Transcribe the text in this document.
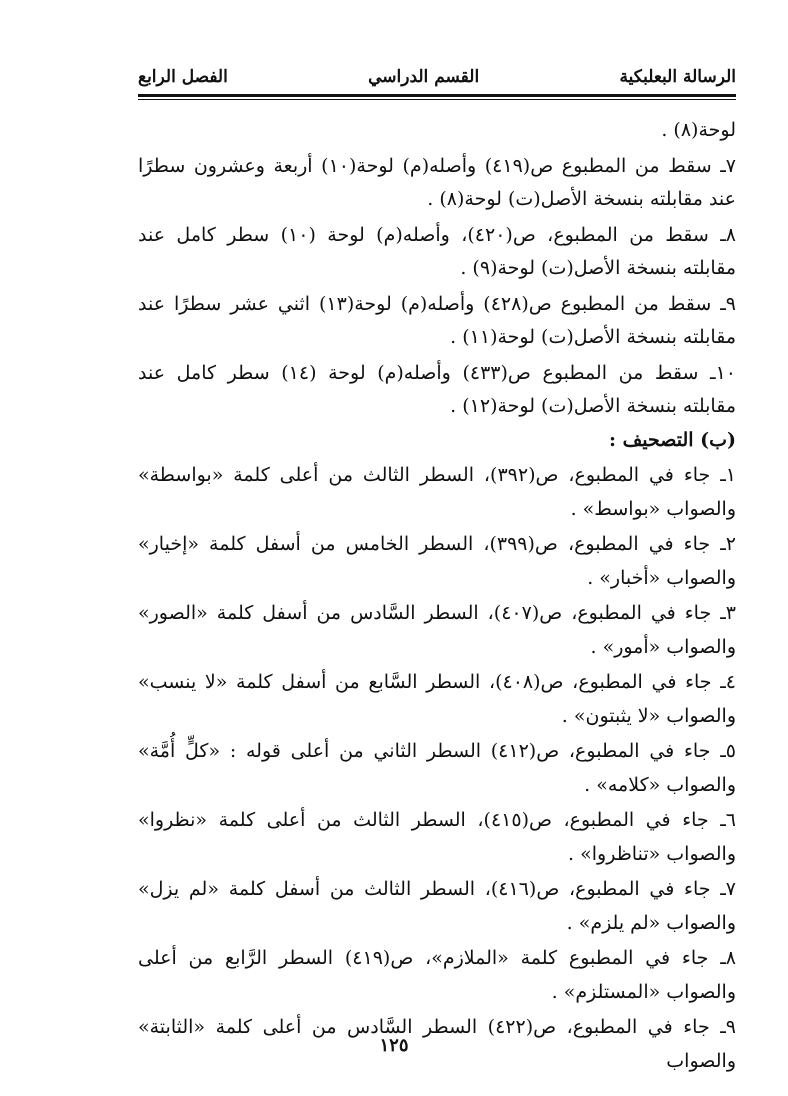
الرسالة البعلبكية
القسم الدراسي
الفصل الرابع

لوحة(٨) .

٧ـ سقط من المطبوع ص(٤١٩) وأصله(م) لوحة(١٠) أربعة وعشرون سطرًا عند مقابلته بنسخة الأصل(ت) لوحة(٨) .

٨ـ سقط من المطبوع، ص(٤٢٠)، وأصله(م) لوحة (١٠) سطر كامل عند مقابلته بنسخة الأصل(ت) لوحة(٩) .

٩ـ سقط من المطبوع ص(٤٢٨) وأصله(م) لوحة(١٣) اثني عشر سطرًا عند مقابلته بنسخة الأصل(ت) لوحة(١١) .

١٠ـ سقط من المطبوع ص(٤٣٣) وأصله(م) لوحة (١٤) سطر كامل عند مقابلته بنسخة الأصل(ت) لوحة(١٢) .

(ب) التصحيف :

١ـ جاء في المطبوع، ص(٣٩٢)، السطر الثالث من أعلى كلمة «بواسطة» والصواب «بواسط» .

٢ـ جاء في المطبوع، ص(٣٩٩)، السطر الخامس من أسفل كلمة «إخيار» والصواب «أخبار» .

٣ـ جاء في المطبوع، ص(٤٠٧)، السطر السَّادس من أسفل كلمة «الصور» والصواب «أمور» .

٤ـ جاء في المطبوع، ص(٤٠٨)، السطر السَّابع من أسفل كلمة «لا ينسب» والصواب «لا يثبتون» .

٥ـ جاء في المطبوع، ص(٤١٢) السطر الثاني من أعلى قوله : «كلٍّ أُمَّة» والصواب «كلامه» .

٦ـ جاء في المطبوع، ص(٤١٥)، السطر الثالث من أعلى كلمة «نظروا» والصواب «تناظروا» .

٧ـ جاء في المطبوع، ص(٤١٦)، السطر الثالث من أسفل كلمة «لم يزل» والصواب «لم يلزم» .

٨ـ جاء في المطبوع كلمة «الملازم»، ص(٤١٩) السطر الرَّابع من أعلى والصواب «المستلزم» .

٩ـ جاء في المطبوع، ص(٤٢٢) السطر السَّادس من أعلى كلمة «الثابتة» والصواب

١٢٥
